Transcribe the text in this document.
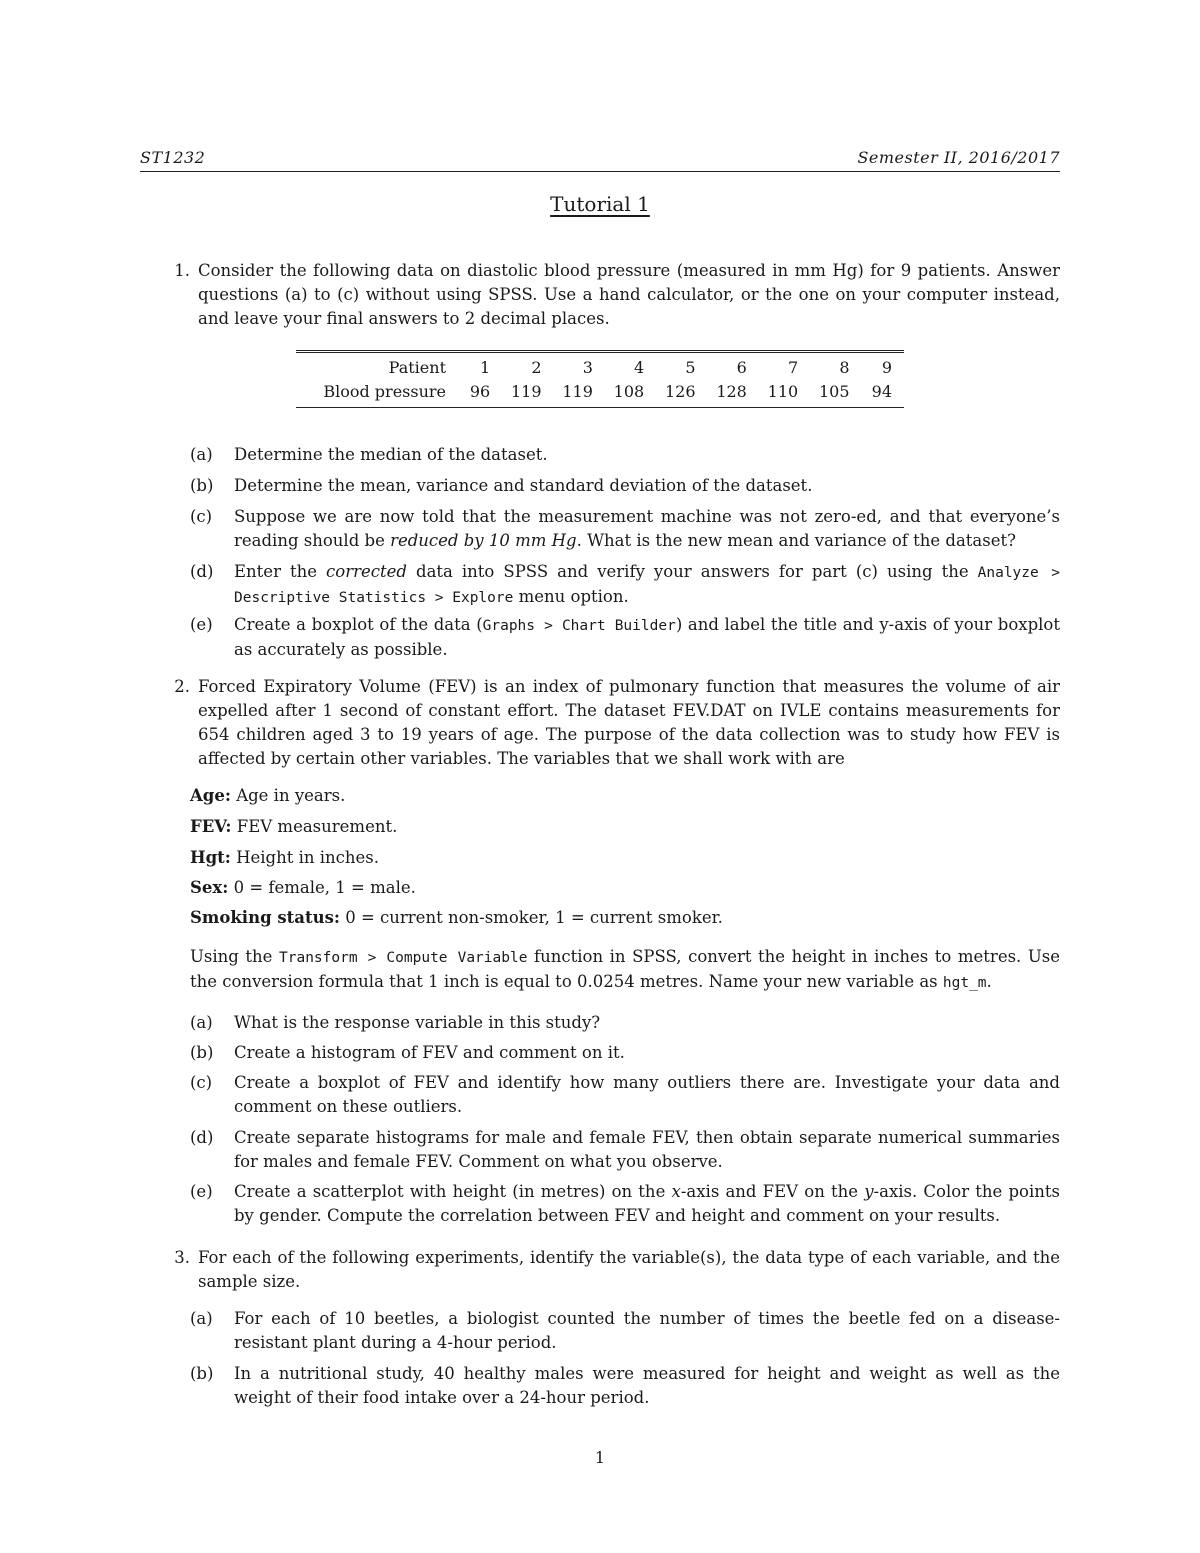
ST1232	Semester II, 2016/2017
Tutorial 1
1. Consider the following data on diastolic blood pressure (measured in mm Hg) for 9 patients. Answer questions (a) to (c) without using SPSS. Use a hand calculator, or the one on your computer instead, and leave your final answers to 2 decimal places.
Patient	1	2	3	4	5	6	7	8	9
Blood pressure	96	119	119	108	126	128	110	105	94
(a)	Determine the median of the dataset.
(b)	Determine the mean, variance and standard deviation of the dataset.
(c)	Suppose we are now told that the measurement machine was not zero-ed, and that everyone’s reading should be reduced by 10 mm Hg. What is the new mean and variance of the dataset?
(d)	Enter the corrected data into SPSS and verify your answers for part (c) using the Analyze > Descriptive Statistics > Explore menu option.
(e)	Create a boxplot of the data (Graphs > Chart Builder) and label the title and y-axis of your boxplot as accurately as possible.
2. Forced Expiratory Volume (FEV) is an index of pulmonary function that measures the volume of air expelled after 1 second of constant effort. The dataset FEV.DAT on IVLE contains measurements for 654 children aged 3 to 19 years of age. The purpose of the data collection was to study how FEV is affected by certain other variables. The variables that we shall work with are
Age: Age in years.
FEV: FEV measurement.
Hgt: Height in inches.
Sex: 0 = female, 1 = male.
Smoking status: 0 = current non-smoker, 1 = current smoker.
Using the Transform > Compute Variable function in SPSS, convert the height in inches to metres. Use the conversion formula that 1 inch is equal to 0.0254 metres. Name your new variable as hgt_m.
(a)	What is the response variable in this study?
(b)	Create a histogram of FEV and comment on it.
(c)	Create a boxplot of FEV and identify how many outliers there are. Investigate your data and comment on these outliers.
(d)	Create separate histograms for male and female FEV, then obtain separate numerical summaries for males and female FEV. Comment on what you observe.
(e)	Create a scatterplot with height (in metres) on the x-axis and FEV on the y-axis. Color the points by gender. Compute the correlation between FEV and height and comment on your results.
3. For each of the following experiments, identify the variable(s), the data type of each variable, and the sample size.
(a)	For each of 10 beetles, a biologist counted the number of times the beetle fed on a disease-resistant plant during a 4-hour period.
(b)	In a nutritional study, 40 healthy males were measured for height and weight as well as the weight of their food intake over a 24-hour period.
1
